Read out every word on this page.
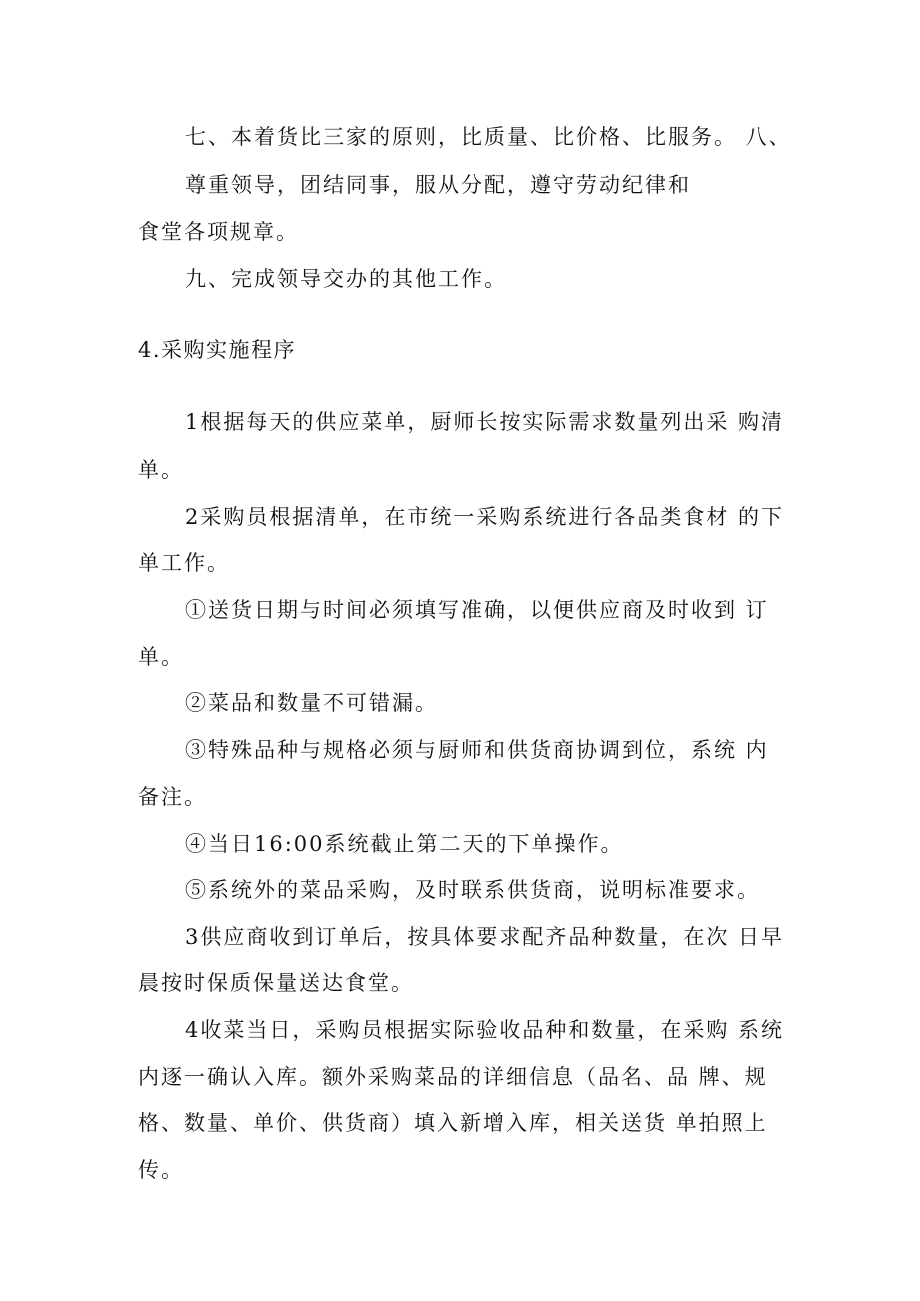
七、本着货比三家的原则，比质量、比价格、比服务。 八、
尊重领导，团结同事，服从分配，遵守劳动纪律和
食堂各项规章。
九、完成领导交办的其他工作。
4.采购实施程序
1根据每天的供应菜单，厨师长按实际需求数量列出采 购清
单。
2采购员根据清单，在市统一采购系统进行各品类食材 的下
单工作。
①送货日期与时间必须填写准确，以便供应商及时收到 订
单。
②菜品和数量不可错漏。
③特殊品种与规格必须与厨师和供货商协调到位，系统 内
备注。
④当日16:00系统截止第二天的下单操作。
⑤系统外的菜品采购，及时联系供货商，说明标准要求。
3供应商收到订单后，按具体要求配齐品种数量，在次 日早
晨按时保质保量送达食堂。
4收菜当日，采购员根据实际验收品种和数量，在采购 系统
内逐一确认入库。额外采购菜品的详细信息（品名、品 牌、规
格、数量、单价、供货商）填入新增入库，相关送货 单拍照上
传。
